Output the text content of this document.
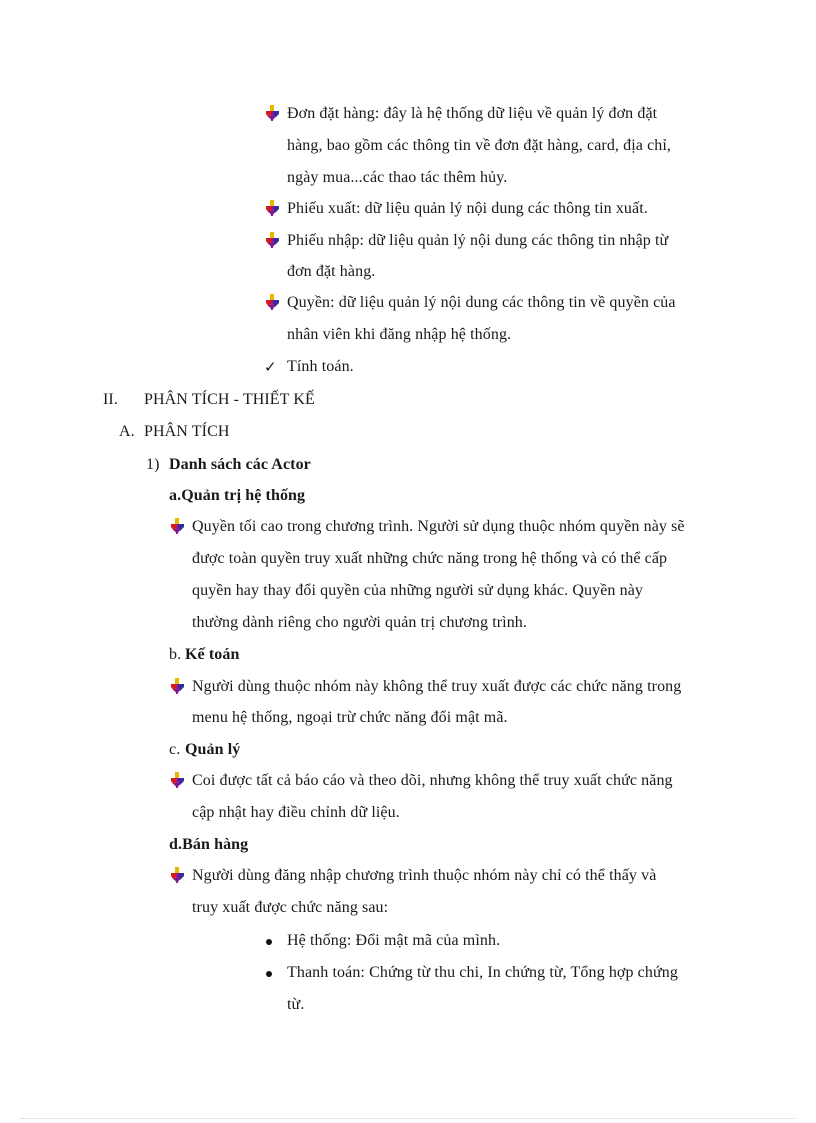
Đơn đặt hàng: đây là hệ thống dữ liệu về quản lý đơn đặt
hàng, bao gồm các thông tin về đơn đặt hàng, card, địa chỉ,
ngày mua...các thao tác thêm hủy.
Phiếu xuất: dữ liệu quản lý nội dung các thông tin xuất.
Phiếu nhập: dữ liệu quản lý nội dung các thông tin nhập từ
đơn đặt hàng.
Quyền: dữ liệu quản lý nội dung các thông tin về quyền của
nhân viên khi đăng nhập hệ thống.
✓ Tính toán.
II. PHÂN TÍCH - THIẾT KẾ
A. PHÂN TÍCH
1) Danh sách các Actor
a.Quản trị hệ thống
Quyền tối cao trong chương trình. Người sử dụng thuộc nhóm quyền này sẽ
được toàn quyền truy xuất những chức năng trong hệ thống và có thể cấp
quyền hay thay đổi quyền của những người sử dụng khác. Quyền này
thường dành riêng cho người quản trị chương trình.
b. Kế toán
Người dùng thuộc nhóm này không thể truy xuất được các chức năng trong
menu hệ thống, ngoại trừ chức năng đổi mật mã.
c. Quản lý
Coi được tất cả báo cáo và theo dõi, nhưng không thể truy xuất chức năng
cập nhật hay điều chỉnh dữ liệu.
d.Bán hàng
Người dùng đăng nhập chương trình thuộc nhóm này chỉ có thể thấy và
truy xuất được chức năng sau:
Hệ thống: Đổi mật mã của mình.
Thanh toán: Chứng từ thu chi, In chứng từ, Tổng hợp chứng
từ.
